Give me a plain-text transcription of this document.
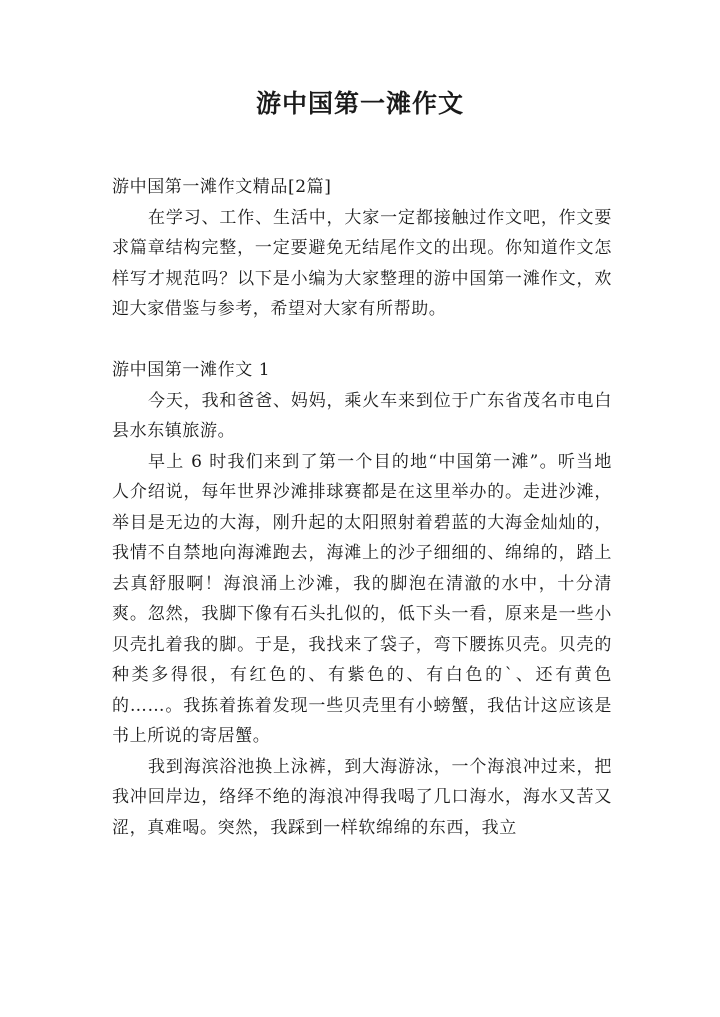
游中国第一滩作文

游中国第一滩作文精品[2篇]

在学习、工作、生活中，大家一定都接触过作文吧，作文要求篇章结构完整，一定要避免无结尾作文的出现。你知道作文怎样写才规范吗？以下是小编为大家整理的游中国第一滩作文，欢迎大家借鉴与参考，希望对大家有所帮助。

游中国第一滩作文 1

今天，我和爸爸、妈妈，乘火车来到位于广东省茂名市电白县水东镇旅游。

早上 6 时我们来到了第一个目的地“中国第一滩”。听当地人介绍说，每年世界沙滩排球赛都是在这里举办的。走进沙滩，举目是无边的大海，刚升起的太阳照射着碧蓝的大海金灿灿的，我情不自禁地向海滩跑去，海滩上的沙子细细的、绵绵的，踏上去真舒服啊！海浪涌上沙滩，我的脚泡在清澈的水中，十分清爽。忽然，我脚下像有石头扎似的，低下头一看，原来是一些小贝壳扎着我的脚。于是，我找来了袋子，弯下腰拣贝壳。贝壳的种类多得很，有红色的、有紫色的、有白色的`、还有黄色的……。我拣着拣着发现一些贝壳里有小螃蟹，我估计这应该是书上所说的寄居蟹。

我到海滨浴池换上泳裤，到大海游泳，一个海浪冲过来，把我冲回岸边，络绎不绝的海浪冲得我喝了几口海水，海水又苦又涩，真难喝。突然，我踩到一样软绵绵的东西，我立
